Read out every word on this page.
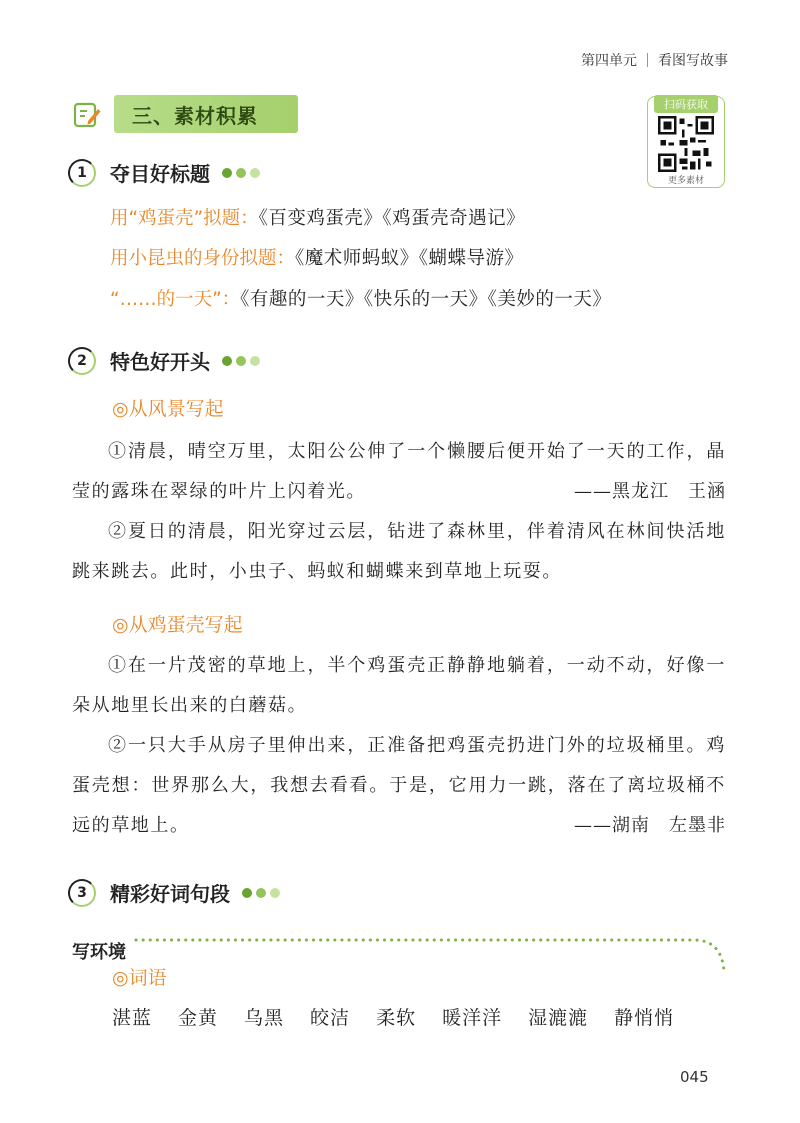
第四单元 看图写故事
三、素材积累	扫码获取
更多素材
1	夺目好标题
用“鸡蛋壳”拟题：《百变鸡蛋壳》《鸡蛋壳奇遇记》
用小昆虫的身份拟题：《魔术师蚂蚁》《蝴蝶导游》
“……的一天”：《有趣的一天》《快乐的一天》《美妙的一天》
2	特色好开头
◎从风景写起
①清晨，晴空万里，太阳公公伸了一个懒腰后便开始了一天的工作，晶莹的露珠在翠绿的叶片上闪着光。	——黑龙江　王涵
②夏日的清晨，阳光穿过云层，钻进了森林里，伴着清风在林间快活地跳来跳去。此时，小虫子、蚂蚁和蝴蝶来到草地上玩耍。
◎从鸡蛋壳写起
①在一片茂密的草地上，半个鸡蛋壳正静静地躺着，一动不动，好像一朵从地里长出来的白蘑菇。
②一只大手从房子里伸出来，正准备把鸡蛋壳扔进门外的垃圾桶里。鸡蛋壳想：世界那么大，我想去看看。于是，它用力一跳，落在了离垃圾桶不远的草地上。	——湖南　左墨非
3	精彩好词句段
写环境
◎词语
湛蓝 金黄 乌黑 皎洁 柔软 暖洋洋 湿漉漉 静悄悄
045
